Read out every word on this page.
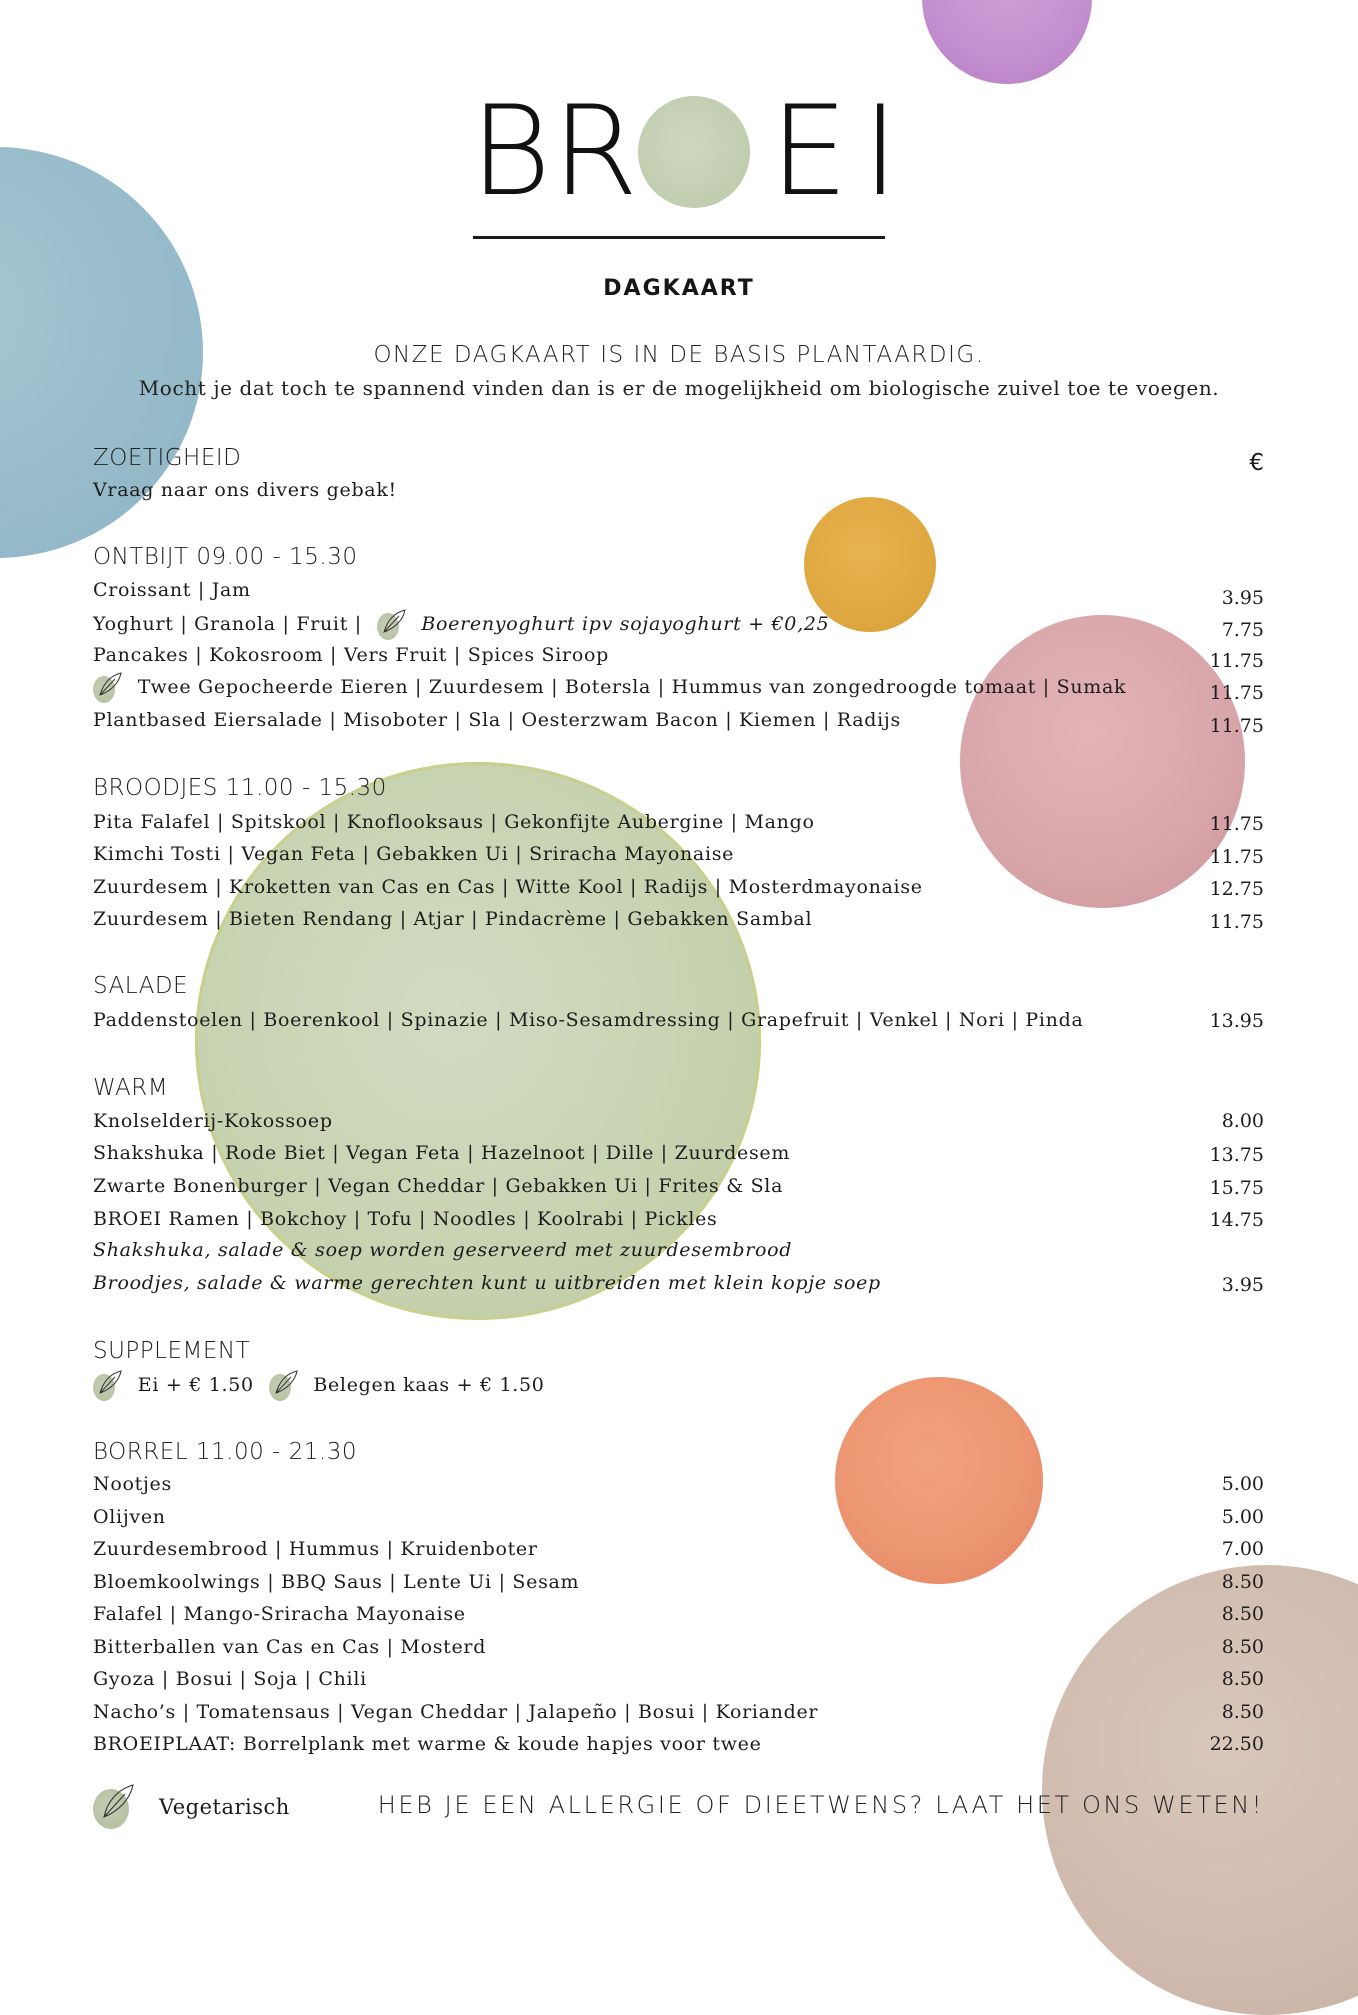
B R E I
DAGKAART
ONZE DAGKAART IS IN DE BASIS PLANTAARDIG.
Mocht je dat toch te spannend vinden dan is er de mogelijkheid om biologische zuivel toe te voegen.
ZOETIGHEID	€
Vraag naar ons divers gebak!
ONTBIJT 09.00 - 15.30
Croissant | Jam	3.95
Yoghurt | Granola | Fruit |	Boerenyoghurt ipv sojayoghurt + €0,25	7.75
Pancakes | Kokosroom | Vers Fruit | Spices Siroop	11.75
Twee Gepocheerde Eieren | Zuurdesem | Botersla | Hummus van zongedroogde tomaat | Sumak	11.75
Plantbased Eiersalade | Misoboter | Sla | Oesterzwam Bacon | Kiemen | Radijs	11.75
BROODJES 11.00 - 15.30
Pita Falafel | Spitskool | Knoflooksaus | Gekonfijte Aubergine | Mango	11.75
Kimchi Tosti | Vegan Feta | Gebakken Ui | Sriracha Mayonaise	11.75
Zuurdesem | Kroketten van Cas en Cas | Witte Kool | Radijs | Mosterdmayonaise	12.75
Zuurdesem | Bieten Rendang | Atjar | Pindacrème | Gebakken Sambal	11.75
SALADE
Paddenstoelen | Boerenkool | Spinazie | Miso-Sesamdressing | Grapefruit | Venkel | Nori | Pinda	13.95
WARM
Knolselderij-Kokossoep	8.00
Shakshuka | Rode Biet | Vegan Feta | Hazelnoot | Dille | Zuurdesem	13.75
Zwarte Bonenburger | Vegan Cheddar | Gebakken Ui | Frites & Sla	15.75
BROEI Ramen | Bokchoy | Tofu | Noodles | Koolrabi | Pickles	14.75
Shakshuka, salade & soep worden geserveerd met zuurdesembrood
Broodjes, salade & warme gerechten kunt u uitbreiden met klein kopje soep	3.95
SUPPLEMENT
Ei + € 1.50	Belegen kaas + € 1.50
BORREL 11.00 - 21.30
Nootjes	5.00
Olijven	5.00
Zuurdesembrood | Hummus | Kruidenboter	7.00
Bloemkoolwings | BBQ Saus | Lente Ui | Sesam	8.50
Falafel | Mango-Sriracha Mayonaise	8.50
Bitterballen van Cas en Cas | Mosterd	8.50
Gyoza | Bosui | Soja | Chili	8.50
Nacho’s | Tomatensaus | Vegan Cheddar | Jalapeño | Bosui | Koriander	8.50
BROEIPLAAT: Borrelplank met warme & koude hapjes voor twee	22.50
Vegetarisch	HEB JE EEN ALLERGIE OF DIEETWENS? LAAT HET ONS WETEN!
